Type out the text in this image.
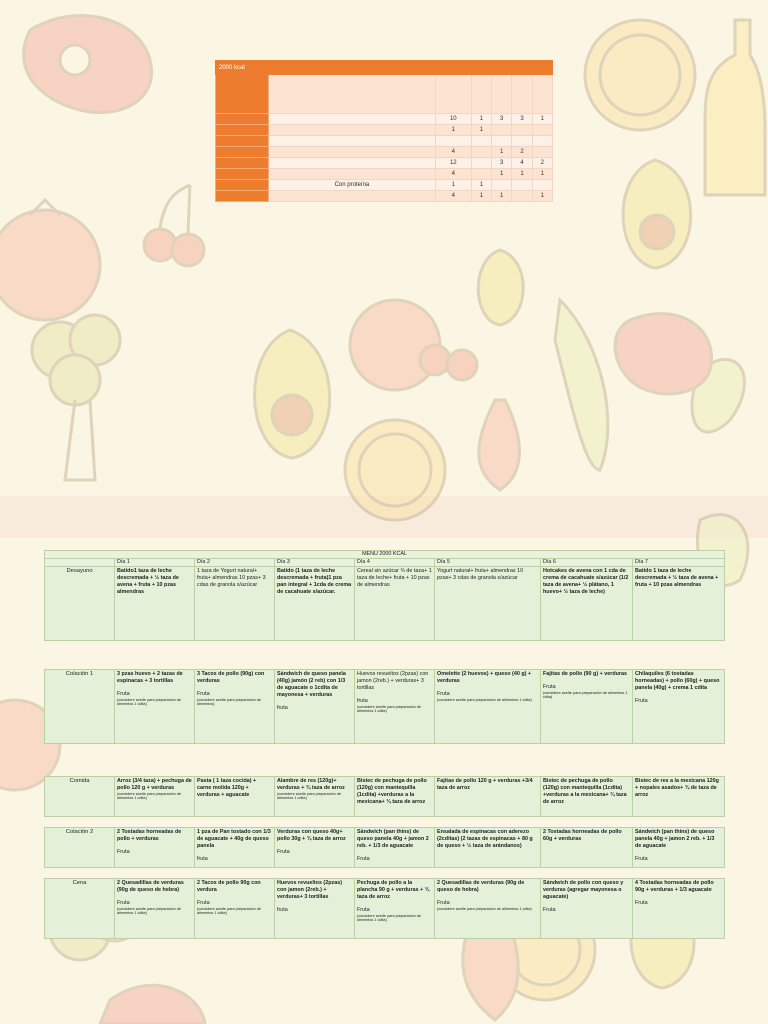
2000 kcal						

		10	1	3	3	1
		1	1			

		4		1	2	
		12		3	4	2
		4		1	1	1
	Con proteína	1	1			
		4	1	1		1
MENU 2000 KCAL							
	Día 1	Día 2	Día 3	Día 4	Día 5	Día 6	Día 7
Desayuno	Batido1 taza de leche descremada + ½ taza de avena + fruta + 10 pzas almendras	1 taza de Yogurt natural+ fruta+ almendras 10 pzas+ 3 cdas de granola s/azúcar	Batido (1 taza de leche descremada + fruta)1 pza pan integral + 1cda de crema de cacahuate s/azúcar.	Cereal sin azúcar ¾ de taza+ 1 taza de leche+ fruta + 10 pzas de almendras	Yogurt natural+ fruta+ almendras 10 pzas+ 3 cdas de granola s/azúcar	Hotcakes de avena con 1 cda de crema de cacahuate s/azúcar (1/2 taza de avena+ ½ plátano, 1 huevo+ ½ taza de leche)	Batido 1 taza de leche descremada + ½ taza de avena + fruta + 10 pzas almendras

Colación 1	3 pzas huevo + 2 tazas de espinacas + 3 tortillas
Fruta
(considere aceite para preparación de alimentos 1 cdita)	3 Tacos de pollo (90g) con verduras
Fruta
(considere aceite para preparación de alimentos)	Sándwich de queso panela (40g) jamón (2 reb) con 1/3 de aguacate o 1cdita de mayonesa + verduras
fruta	Huevos revueltos (2pzas) con jamon (2reb.) + verduras+ 3 tortillas
fruta
(considere aceite para preparación de alimentos 1 cdita)	Omelette (2 huevos) + queso (40 g) + verduras
Fruta
(considere aceite para preparación de alimentos 1 cdita)	Fajitas de pollo (90 g) + verduras
Fruta
(considere aceite para preparación de alimentos 1 cdita)	Chilaquiles (6 tostadas horneadas) + pollo (60g) + queso panela (40g) + crema 1 cdita
Fruta

Comida	Arroz (3/4 taza) + pechuga de pollo 120 g + verduras
(considere aceite para preparación de alimentos 1 cdita)	Pasta ( 1 taza cocida) + carne molida 120g + verduras + aguacate	Alambre de res (120g)+ verduras + ¾ taza de arroz
(considere aceite para preparación de alimentos 1 cdita)	Bistec de pechuga de pollo (120g) con mantequilla (1cdita) +verduras a la mexicana+ ¾ taza de arroz	Fajitas de pollo 120 g + verduras +3/4 taza de arroz	Bistec de pechuga de pollo (120g) con mantequilla (1cdita) +verduras a la mexicana+ ¾ taza de arroz	Bistec de res a la mexicana 120g + nopales asados+ ¾ de taza de arroz

Colación 2	2 Tostadas horneadas de pollo + verduras
Fruta	1 pza de Pan tostado con 1/3 de aguacate + 40g de queso panela
fruta	Verduras con queso 40g+ pollo 30g + ¾ taza de arroz
Fruta	Sándwich (pan thins) de queso panela 40g + jamon 2 reb. + 1/3 de aguacate
Fruta	Ensalada de espinacas con aderezo (2cditas) (2 tazas de espinacas + 80 g de queso + ½ taza de arándanos)	2 Tostadas horneadas de pollo 60g + verduras	Sándwich (pan thins) de queso panela 40g + jamon 2 reb. + 1/3 de aguacate
Fruta

Cena	2 Quesadillas de verduras (90g de queso de hebra)
Fruta
(considere aceite para preparación de alimentos 1 cdita)	2 Tacos de pollo 90g con verdura
Fruta
(considere aceite para preparación de alimentos 1 cdita)	Huevos revueltos (2pzas) con jamon (2reb.) + verduras+ 3 tortillas
fruta	Pechuga de pollo a la plancha 90 g + verduras + ¾ taza de arroz
Fruta
(considere aceite para preparación de alimentos 1 cdita)	2 Quesadillas de verduras (90g de queso de hebra)
Fruta
(considere aceite para preparación de alimentos 1 cdita)	Sándwich de pollo con queso y verduras (agregar mayonesa o aguacate)
Fruta	4 Tostadas horneadas de pollo 90g + verduras + 1/3 aguacate
Fruta
